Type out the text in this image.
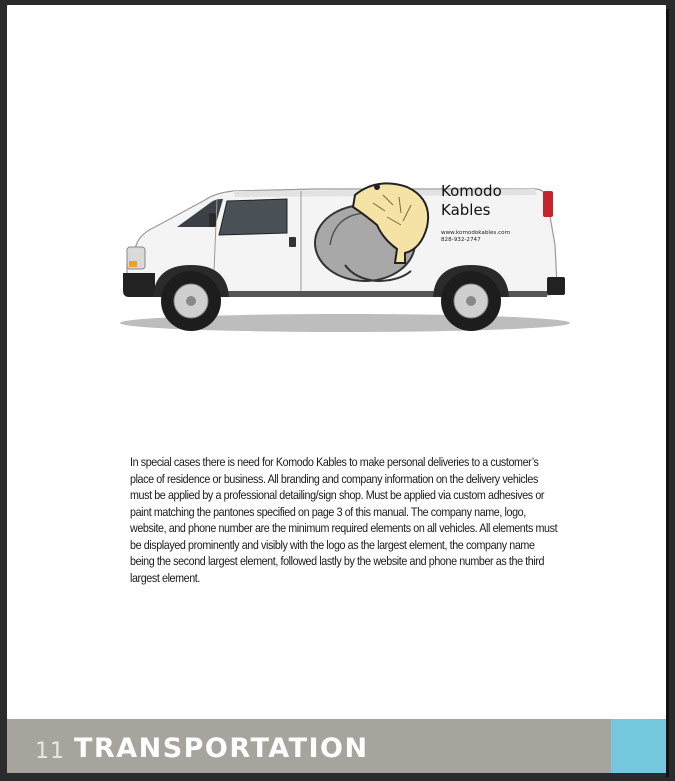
Komodo
Kables
www.komodokables.com
828-932-2747
In special cases there is need for Komodo Kables to make personal deliveries to a customer’s place of residence or business. All branding and company information on the delivery vehicles must be applied by a professional detailing/sign shop. Must be applied via custom adhesives or paint matching the pantones specified on page 3 of this manual. The company name, logo, website, and phone number are the minimum required elements on all vehicles. All elements must be displayed prominently and visibly with the logo as the largest element, the company name being the second largest element, followed lastly by the website and phone number as the third largest element.
11 TRANSPORTATION
